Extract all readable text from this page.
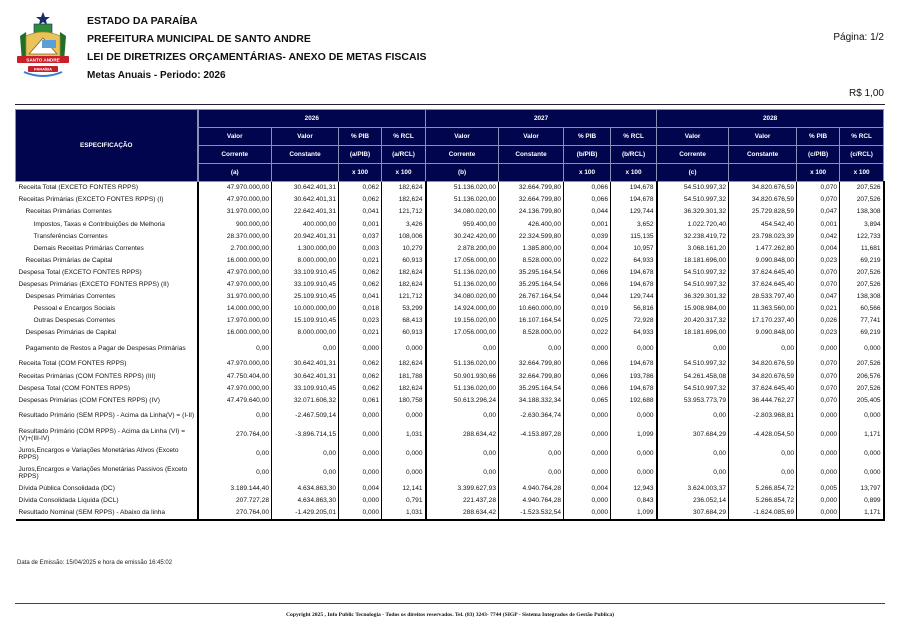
SANTO ANDRE
PARAÍBA
ESTADO DA PARAÍBA
PREFEITURA MUNICIPAL DE SANTO ANDRE
LEI DE DIRETRIZES ORÇAMENTÁRIAS- ANEXO DE METAS FISCAIS
Metas Anuais - Periodo: 2026
Página: 1/2
R$ 1,00
ESPECIFICAÇÃO	2026				2027				2028			
	Valor	Valor	% PIB	% RCL	Valor	Valor	% PIB	% RCL	Valor	Valor	% PIB	% RCL
	Corrente	Constante	(a/PIB)	(a/RCL)	Corrente	Constante	(b/PIB)	(b/RCL)	Corrente	Constante	(c/PIB)	(c/RCL)
	(a)		x 100	x 100	(b)		x 100	x 100	(c)		x 100	x 100
Receita Total (EXCETO FONTES RPPS)	47.970.000,00	30.642.401,31	0,062	182,624	51.136.020,00	32.664.799,80	0,066	194,678	54.510.997,32	34.820.676,59	0,070	207,526
Receitas Primárias (EXCETO FONTES RPPS) (I)	47.970.000,00	30.642.401,31	0,062	182,624	51.136.020,00	32.664.799,80	0,066	194,678	54.510.997,32	34.820.676,59	0,070	207,526
Receitas Primárias Correntes	31.970.000,00	22.642.401,31	0,041	121,712	34.080.020,00	24.136.799,80	0,044	129,744	36.329.301,32	25.729.828,59	0,047	138,308
Impostos, Taxas e Contribuições de Melhoria	900.000,00	400.000,00	0,001	3,426	959.400,00	426.400,00	0,001	3,652	1.022.720,40	454.542,40	0,001	3,894
Transferências Correntes	28.370.000,00	20.942.401,31	0,037	108,006	30.242.420,00	22.324.599,80	0,039	115,135	32.238.419,72	23.798.023,39	0,042	122,733
Demais Receitas Primárias Correntes	2.700.000,00	1.300.000,00	0,003	10,279	2.878.200,00	1.385.800,00	0,004	10,957	3.068.161,20	1.477.262,80	0,004	11,681
Receitas Primárias de Capital	16.000.000,00	8.000.000,00	0,021	60,913	17.056.000,00	8.528.000,00	0,022	64,933	18.181.696,00	9.090.848,00	0,023	69,219
Despesa Total (EXCETO FONTES RPPS)	47.970.000,00	33.109.910,45	0,062	182,624	51.136.020,00	35.295.164,54	0,066	194,678	54.510.997,32	37.624.645,40	0,070	207,526
Despesas Primárias (EXCETO FONTES RPPS) (II)	47.970.000,00	33.109.910,45	0,062	182,624	51.136.020,00	35.295.164,54	0,066	194,678	54.510.997,32	37.624.645,40	0,070	207,526
Despesas Primárias Correntes	31.970.000,00	25.109.910,45	0,041	121,712	34.080.020,00	26.767.164,54	0,044	129,744	36.329.301,32	28.533.797,40	0,047	138,308
Pessoal e Encargos Sociais	14.000.000,00	10.000.000,00	0,018	53,299	14.924.000,00	10.660.000,00	0,019	56,816	15.908.984,00	11.363.560,00	0,021	60,566
Outras Despesas Correntes	17.970.000,00	15.109.910,45	0,023	68,413	19.156.020,00	16.107.164,54	0,025	72,928	20.420.317,32	17.170.237,40	0,026	77,741
Despesas Primárias de Capital	16.000.000,00	8.000.000,00	0,021	60,913	17.056.000,00	8.528.000,00	0,022	64,933	18.181.696,00	9.090.848,00	0,023	69,219
Pagamento de Restos a Pagar de Despesas Primárias	0,00	0,00	0,000	0,000	0,00	0,00	0,000	0,000	0,00	0,00	0,000	0,000
Receita Total (COM FONTES RPPS)	47.970.000,00	30.642.401,31	0,062	182,624	51.136.020,00	32.664.799,80	0,066	194,678	54.510.997,32	34.820.676,59	0,070	207,526
Receitas Primárias (COM FONTES RPPS) (III)	47.750.404,00	30.642.401,31	0,062	181,788	50.901.930,66	32.664.799,80	0,066	193,786	54.261.458,08	34.820.676,59	0,070	206,576
Despesa Total (COM FONTES RPPS)	47.970.000,00	33.109.910,45	0,062	182,624	51.136.020,00	35.295.164,54	0,066	194,678	54.510.997,32	37.624.645,40	0,070	207,526
Despesas Primárias (COM FONTES RPPS) (IV)	47.479.640,00	32.071.606,32	0,061	180,758	50.613.296,24	34.188.332,34	0,065	192,688	53.953.773,79	36.444.762,27	0,070	205,405
Resultado Primário (SEM RPPS) - Acima da Linha(V) = (I-II)	0,00	-2.467.509,14	0,000	0,000	0,00	-2.630.364,74	0,000	0,000	0,00	-2.803.968,81	0,000	0,000
Resultado Primário (COM RPPS) - Acima da Linha (VI) = (V)+(III-IV)	270.764,00	-3.896.714,15	0,000	1,031	288.634,42	-4.153.897,28	0,000	1,099	307.684,29	-4.428.054,50	0,000	1,171
Juros,Encargos e Variações Monetárias Ativos (Exceto RPPS)	0,00	0,00	0,000	0,000	0,00	0,00	0,000	0,000	0,00	0,00	0,000	0,000
Juros,Encargos e Variações Monetárias Passivos (Exceto RPPS)	0,00	0,00	0,000	0,000	0,00	0,00	0,000	0,000	0,00	0,00	0,000	0,000
Dívida Pública Consolidada (DC)	3.189.144,40	4.634.863,30	0,004	12,141	3.399.627,93	4.940.764,28	0,004	12,943	3.624.003,37	5.266.854,72	0,005	13,797
Dívida Consolidada Líquida (DCL)	207.727,28	4.634.863,30	0,000	0,791	221.437,28	4.940.764,28	0,000	0,843	236.052,14	5.266.854,72	0,000	0,899
Resultado Nominal (SEM RPPS) - Abaixo da linha	270.764,00	-1.429.205,01	0,000	1,031	288.634,42	-1.523.532,54	0,000	1,099	307.684,29	-1.624.085,69	0,000	1,171
Data de Emissão: 15/04/2025 e hora de emissão 16:45:02
Copyright 2025 , Info Public Tecnologia - Todos os direitos reservados. Tel. (83) 3243- 7744 (SIGP - Sistema Integrados de Gestão Publica)
